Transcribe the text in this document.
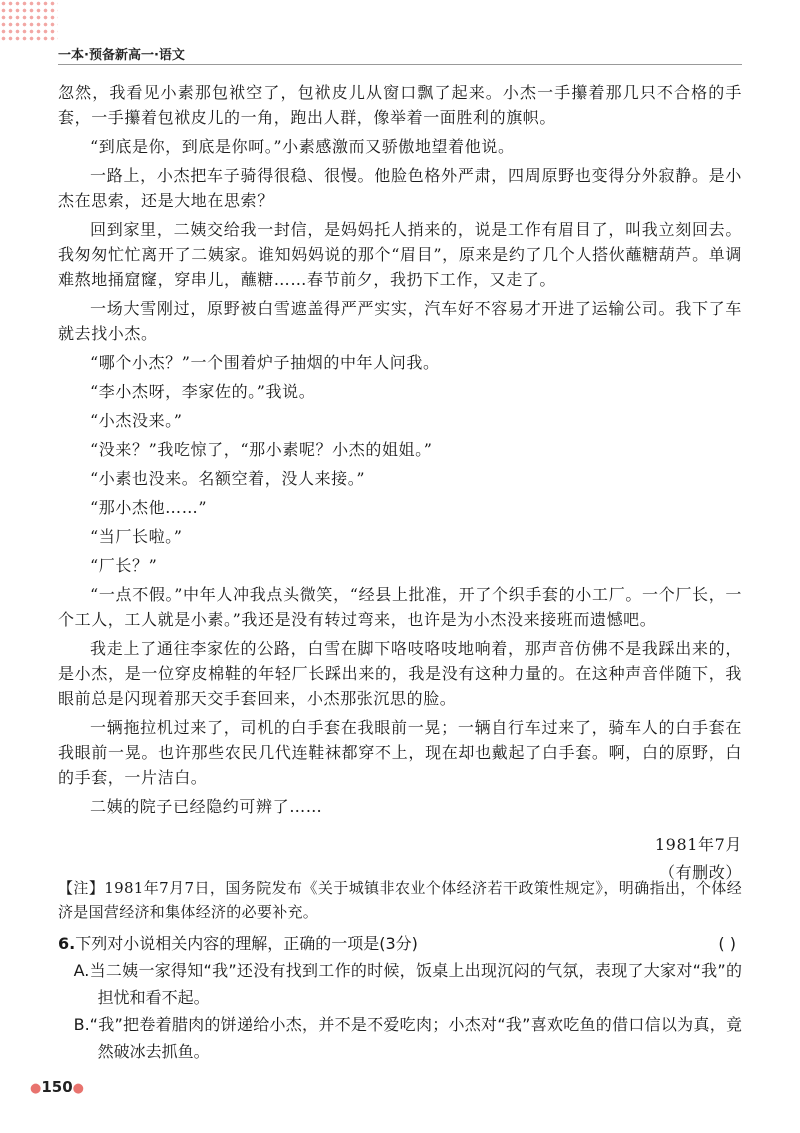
一本·预备新高一·语文

忽然，我看见小素那包袱空了，包袱皮儿从窗口飘了起来。小杰一手攥着那几只不合格的手套，一手攥着包袱皮儿的一角，跑出人群，像举着一面胜利的旗帜。

“到底是你，到底是你呵。”小素感激而又骄傲地望着他说。

一路上，小杰把车子骑得很稳、很慢。他脸色格外严肃，四周原野也变得分外寂静。是小杰在思索，还是大地在思索？

回到家里，二姨交给我一封信，是妈妈托人捎来的，说是工作有眉目了，叫我立刻回去。我匆匆忙忙离开了二姨家。谁知妈妈说的那个“眉目”，原来是约了几个人搭伙蘸糖葫芦。单调难熬地捅窟窿，穿串儿，蘸糖……春节前夕，我扔下工作，又走了。

一场大雪刚过，原野被白雪遮盖得严严实实，汽车好不容易才开进了运输公司。我下了车就去找小杰。

“哪个小杰？”一个围着炉子抽烟的中年人问我。

“李小杰呀，李家佐的。”我说。

“小杰没来。”

“没来？”我吃惊了，“那小素呢？小杰的姐姐。”

“小素也没来。名额空着，没人来接。”

“那小杰他……”

“当厂长啦。”

“厂长？”

“一点不假。”中年人冲我点头微笑，“经县上批准，开了个织手套的小工厂。一个厂长，一个工人，工人就是小素。”我还是没有转过弯来，也许是为小杰没来接班而遗憾吧。

我走上了通往李家佐的公路，白雪在脚下咯吱咯吱地响着，那声音仿佛不是我踩出来的，是小杰，是一位穿皮棉鞋的年轻厂长踩出来的，我是没有这种力量的。在这种声音伴随下，我眼前总是闪现着那天交手套回来，小杰那张沉思的脸。

一辆拖拉机过来了，司机的白手套在我眼前一晃；一辆自行车过来了，骑车人的白手套在我眼前一晃。也许那些农民几代连鞋袜都穿不上，现在却也戴起了白手套。啊，白的原野，白的手套，一片洁白。

二姨的院子已经隐约可辨了……

1981年7月
（有删改）
【注】1981年7月7日，国务院发布《关于城镇非农业个体经济若干政策性规定》，明确指出，个体经济是国营经济和集体经济的必要补充。
6.下列对小说相关内容的理解，正确的一项是(3分)	( )
A.当二姨一家得知“我”还没有找到工作的时候，饭桌上出现沉闷的气氛，表现了大家对“我”的担忧和看不起。
B.“我”把卷着腊肉的饼递给小杰，并不是不爱吃肉；小杰对“我”喜欢吃鱼的借口信以为真，竟然破冰去抓鱼。
●150●
